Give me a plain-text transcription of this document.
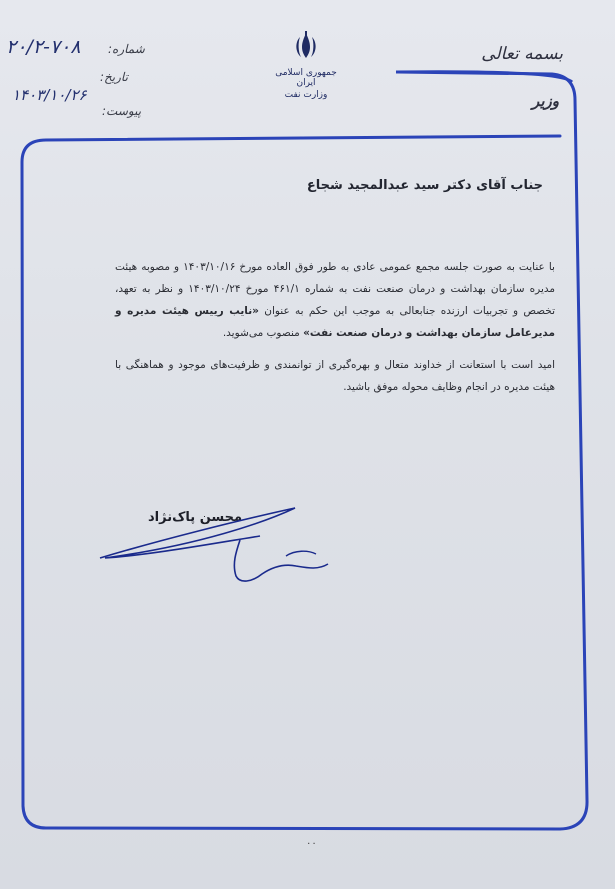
بسمه تعالی
وزیر
جمهوری اسلامی ایران
وزارت نفت
شماره:
۲۰/۲-۷۰۸
تاریخ:
۱۴۰۳/۱۰/۲۶
پیوست:
جناب آقای دکتر سید عبدالمجید شجاع

با عنایت به صورت جلسه مجمع عمومی عادی به طور فوق العاده مورخ ۱۴۰۳/۱۰/۱۶ و مصوبه هیئت مدیره سازمان بهداشت و درمان صنعت نفت به شماره ۴۶۱/۱ مورخ ۱۴۰۳/۱۰/۲۴ و نظر به تعهد، تخصص و تجربیات ارزنده جنابعالی به موجب این حکم به عنوان «نایب رییس هیئت مدیره و مدیرعامل سازمان بهداشت و درمان صنعت نفت» منصوب می‌شوید.

امید است با استعانت از خداوند متعال و بهره‌گیری از توانمندی و ظرفیت‌های موجود و هماهنگی با هیئت مدیره در انجام وظایف محوله موفق باشید.

محسن پاک‌نژاد
٠٠
